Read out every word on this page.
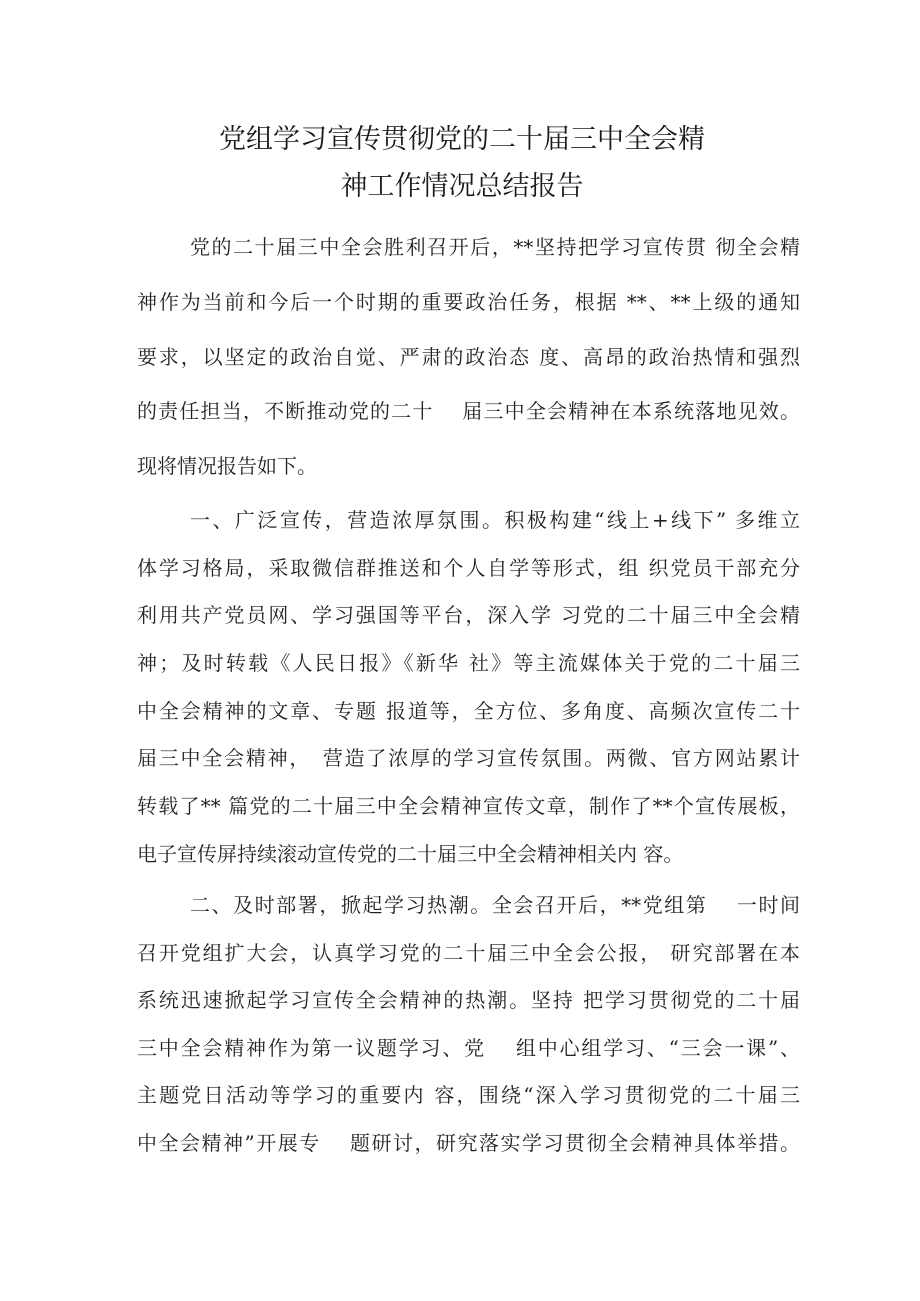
党组学习宣传贯彻党的二十届三中全会精
神工作情况总结报告
党的二十届三中全会胜利召开后，**坚持把学习宣传贯 彻全会精
神作为当前和今后一个时期的重要政治任务，根据 **、**上级的通知
要求，以坚定的政治自觉、严肃的政治态 度、高昂的政治热情和强烈
的责任担当，不断推动党的二十　 届三中全会精神在本系统落地见效。
现将情况报告如下。
一、广泛宣传，营造浓厚氛围。积极构建“线上+线下” 多维立
体学习格局，采取微信群推送和个人自学等形式，组 织党员干部充分
利用共产党员网、学习强国等平台，深入学 习党的二十届三中全会精
神；及时转载《人民日报》《新华 社》等主流媒体关于党的二十届三
中全会精神的文章、专题 报道等，全方位、多角度、高频次宣传二十
届三中全会精神，　营造了浓厚的学习宣传氛围。两微、官方网站累计
转载了** 篇党的二十届三中全会精神宣传文章，制作了**个宣传展板，
电子宣传屏持续滚动宣传党的二十届三中全会精神相关内 容。
二、及时部署，掀起学习热潮。全会召开后，**党组第　 一时间
召开党组扩大会，认真学习党的二十届三中全会公报， 研究部署在本
系统迅速掀起学习宣传全会精神的热潮。坚持 把学习贯彻党的二十届
三中全会精神作为第一议题学习、党　 组中心组学习、“三会一课”、
主题党日活动等学习的重要内 容，围绕“深入学习贯彻党的二十届三
中全会精神”开展专　 题研讨，研究落实学习贯彻全会精神具体举措。
